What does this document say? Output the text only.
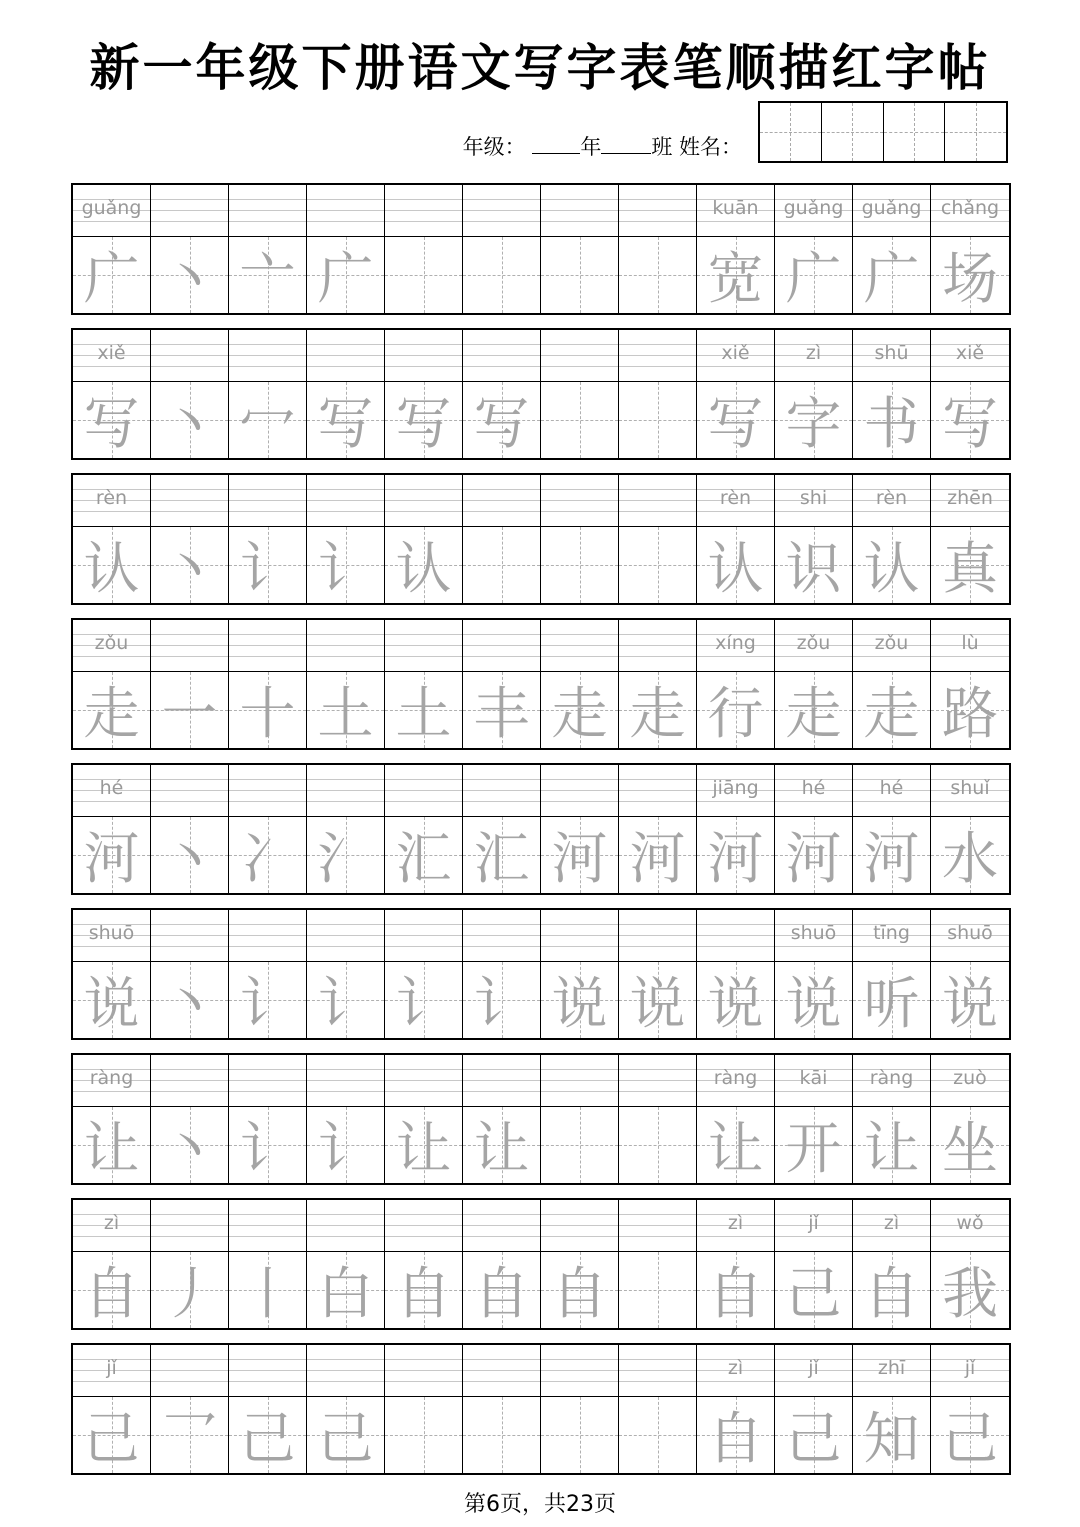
新一年级下册语文写字表笔顺描红字帖
年级：	年 班 姓名：
guǎng
广 丶 亠 广
kuān
宽
guǎng
广
guǎng
广
chǎng
场
xiě
写 丶 冖 写 写 写
xiě
写
zì
字
shū
书
xiě
写
rèn
认 丶 讠 讠 认
rèn
认
shi
识
rèn
认
zhēn
真
zǒu
走 一 十 土 土 丰 走 走
xíng
行
zǒu
走
zǒu
走
lù
路
hé
河 丶 冫 氵 汇 汇 河 河
jiāng
河
hé
河
hé
河
shuǐ
水
shuō
说 丶 讠 讠 讠 讠 说 说 说
shuō
说
tīng
听
shuō
说
ràng
让 丶 讠 讠 让 让
ràng
让
kāi
开
ràng
让
zuò
坐
zì
自 丿 丨 白 自 自 自
zì
自
jǐ
己
zì
自
wǒ
我
jǐ
己 乛 己 己
zì
自
jǐ
己
zhī
知
jǐ
己
第6页，共23页
